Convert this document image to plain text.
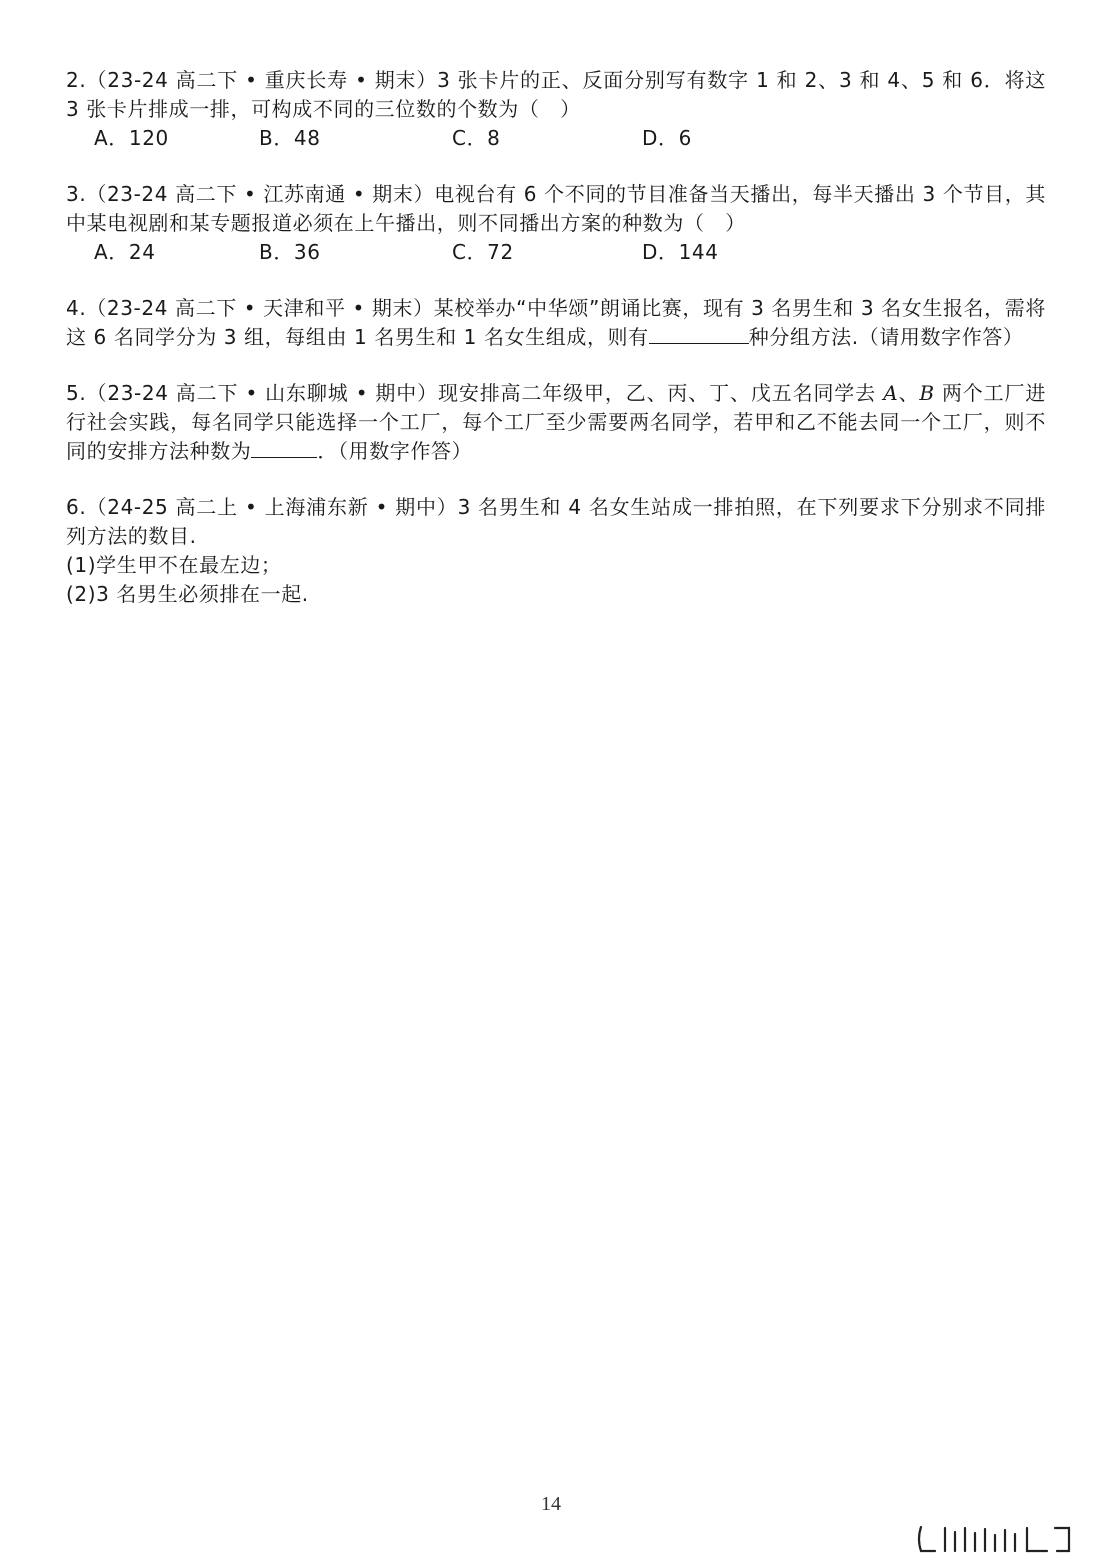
2.（23-24 高二下 • 重庆长寿 • 期末）3 张卡片的正、反面分别写有数字 1 和 2、3 和 4、5 和 6．将这 3 张卡片排成一排，可构成不同的三位数的个数为（　）

A．120	B．48	C．8	D．6

3.（23-24 高二下 • 江苏南通 • 期末）电视台有 6 个不同的节目准备当天播出，每半天播出 3 个节目，其中某电视剧和某专题报道必须在上午播出，则不同播出方案的种数为（　）

A．24	B．36	C．72	D．144

4.（23-24 高二下 • 天津和平 • 期末）某校举办“中华颂”朗诵比赛，现有 3 名男生和 3 名女生报名，需将这 6 名同学分为 3 组，每组由 1 名男生和 1 名女生组成，则有	种分组方法.（请用数字作答）

5.（23-24 高二下 • 山东聊城 • 期中）现安排高二年级甲，乙、丙、丁、戊五名同学去 A、B 两个工厂进行社会实践，每名同学只能选择一个工厂，每个工厂至少需要两名同学，若甲和乙不能去同一个工厂，则不同的安排方法种数为	．（用数字作答）

6.（24-25 高二上 • 上海浦东新 • 期中）3 名男生和 4 名女生站成一排拍照，在下列要求下分别求不同排列方法的数目.

(1)学生甲不在最左边；

(2)3 名男生必须排在一起.

14
